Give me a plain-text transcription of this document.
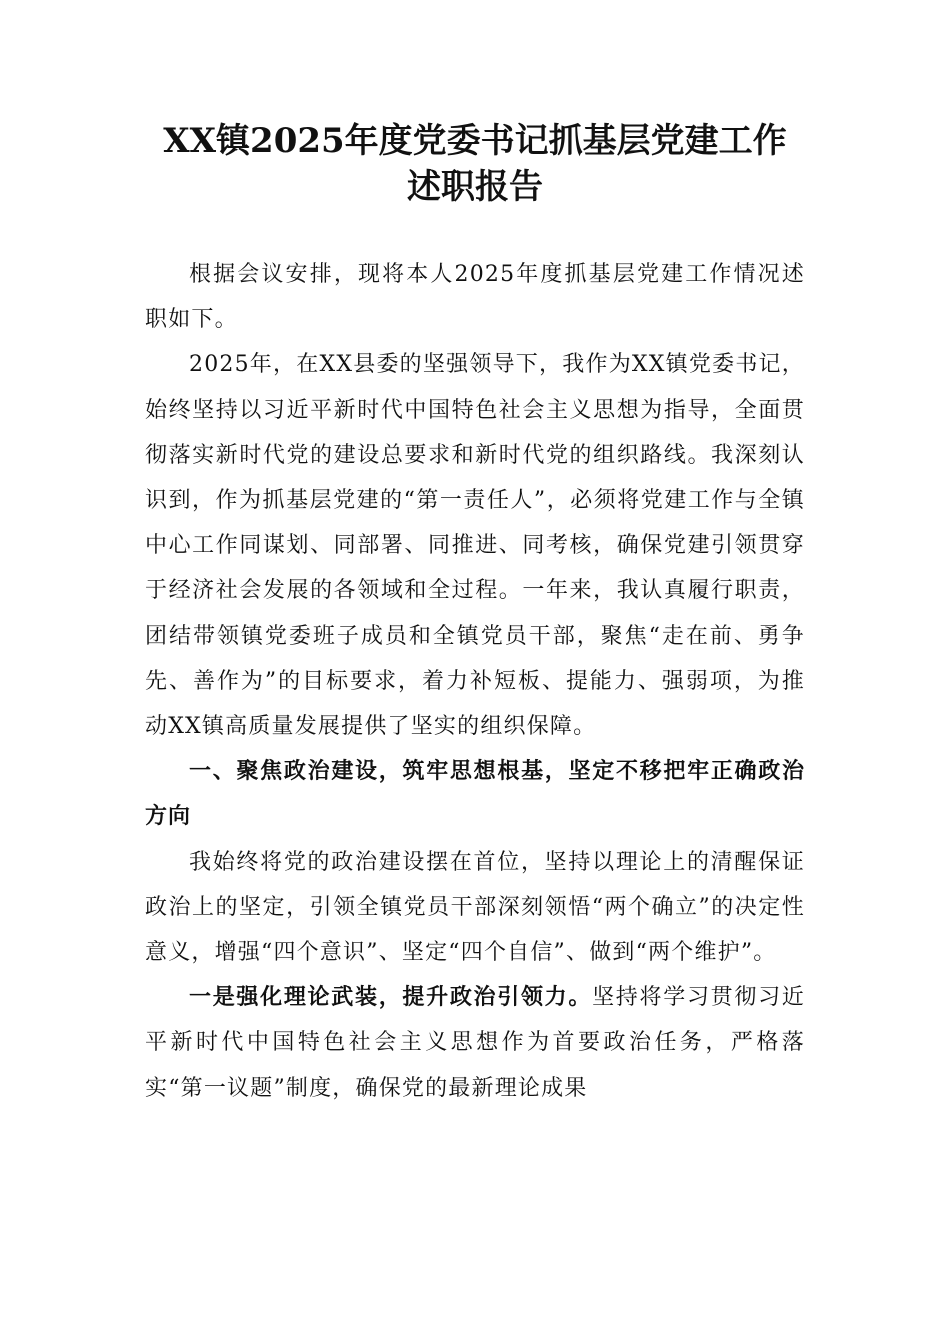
XX镇2025年度党委书记抓基层党建工作
述职报告

根据会议安排，现将本人2025年度抓基层党建工作情况述职如下。

2025年，在XX县委的坚强领导下，我作为XX镇党委书记，始终坚持以习近平新时代中国特色社会主义思想为指导，全面贯彻落实新时代党的建设总要求和新时代党的组织路线。我深刻认识到，作为抓基层党建的“第一责任人”，必须将党建工作与全镇中心工作同谋划、同部署、同推进、同考核，确保党建引领贯穿于经济社会发展的各领域和全过程。一年来，我认真履行职责，团结带领镇党委班子成员和全镇党员干部，聚焦“走在前、勇争先、善作为”的目标要求，着力补短板、提能力、强弱项，为推动XX镇高质量发展提供了坚实的组织保障。

一、聚焦政治建设，筑牢思想根基，坚定不移把牢正确政治方向

我始终将党的政治建设摆在首位，坚持以理论上的清醒保证政治上的坚定，引领全镇党员干部深刻领悟“两个确立”的决定性意义，增强“四个意识”、坚定“四个自信”、做到“两个维护”。

一是强化理论武装，提升政治引领力。坚持将学习贯彻习近平新时代中国特色社会主义思想作为首要政治任务，严格落实“第一议题”制度，确保党的最新理论成果
